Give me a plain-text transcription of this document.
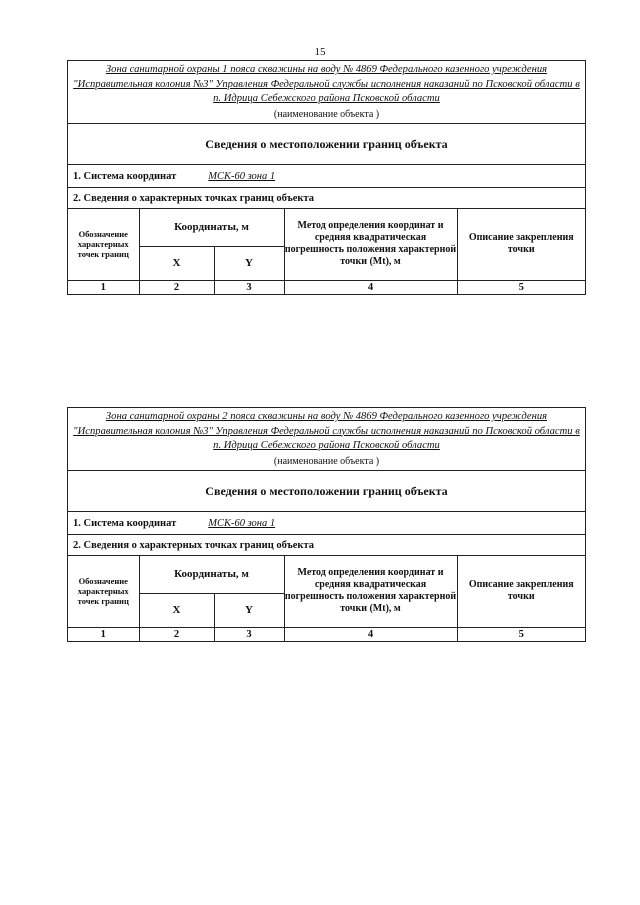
15
Зона санитарной охраны 1 пояса скважины на воду № 4869 Федерального казенного учреждения "Исправительная колония №3" Управления Федеральной службы исполнения наказаний по Псковской области в п. Идрица Себежского района Псковской области
(наименование объекта )
Сведения о местоположении границ объекта
1. Система координат	МСК-60 зона 1
2. Сведения о характерных точках границ объекта
Обозначение характерных точек границ	Координаты, м		Метод определения координат и средняя квадратическая погрешность положения характерной точки (Mt), м	Описание закрепления точки
	X	Y		
1	2	3	4	5
Зона санитарной охраны 2 пояса скважины на воду № 4869 Федерального казенного учреждения "Исправительная колония №3" Управления Федеральной службы исполнения наказаний по Псковской области в п. Идрица Себежского района Псковской области
(наименование объекта )
Сведения о местоположении границ объекта
1. Система координат	МСК-60 зона 1
2. Сведения о характерных точках границ объекта
Обозначение характерных точек границ	Координаты, м		Метод определения координат и средняя квадратическая погрешность положения характерной точки (Mt), м	Описание закрепления точки
	X	Y		
1	2	3	4	5
